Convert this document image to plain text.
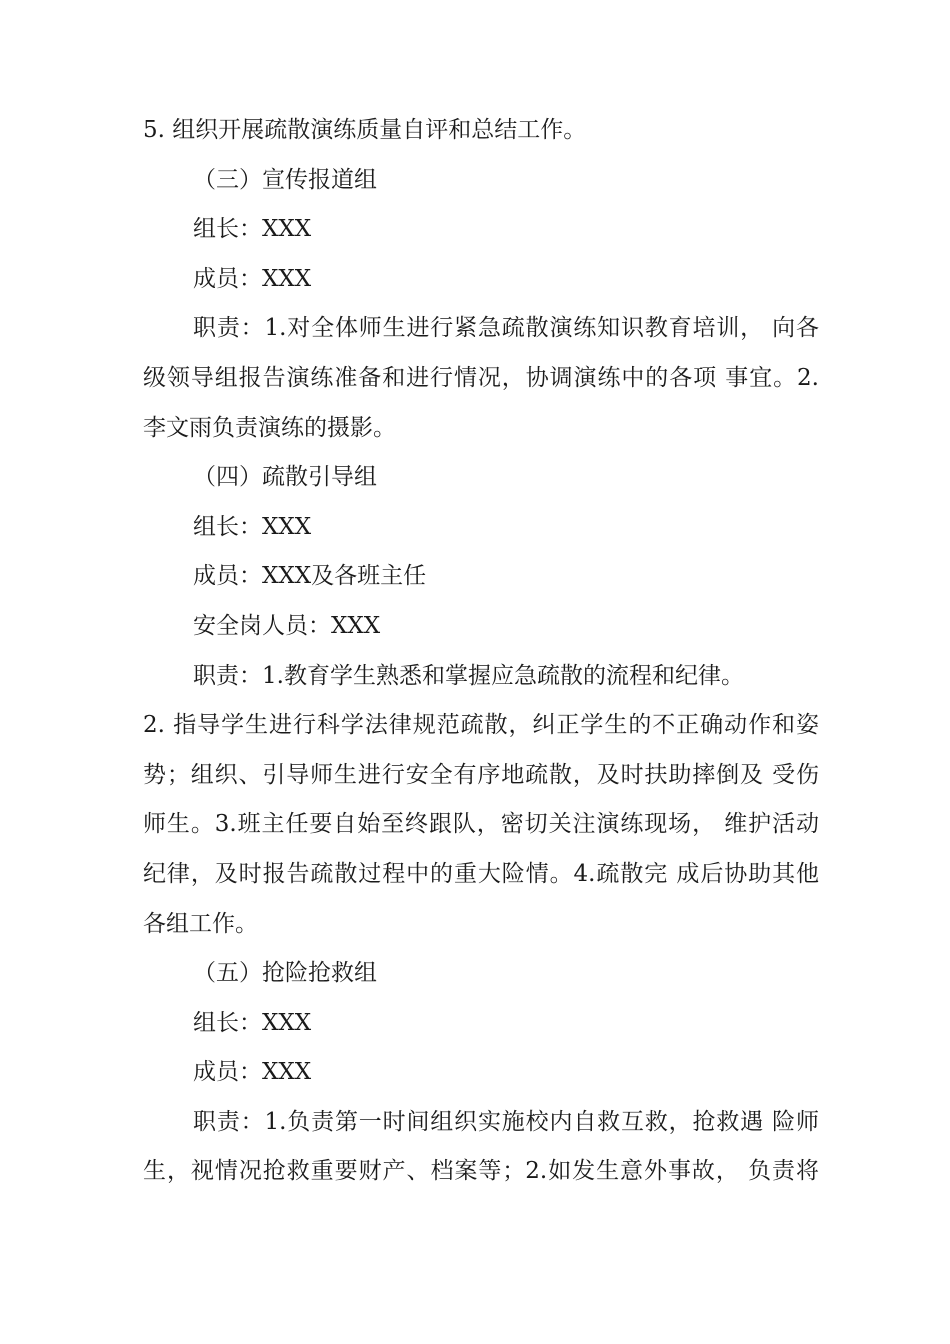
5. 组织开展疏散演练质量自评和总结工作。
（三）宣传报道组
组长：XXX
成员：XXX
职责：1.对全体师生进行紧急疏散演练知识教育培训， 向各
级领导组报告演练准备和进行情况，协调演练中的各项 事宜。2.
李文雨负责演练的摄影。
（四）疏散引导组
组长：XXX
成员：XXX及各班主任
安全岗人员：XXX
职责：1.教育学生熟悉和掌握应急疏散的流程和纪律。
2. 指导学生进行科学法律规范疏散，纠正学生的不正确动作和姿
势；组织、引导师生进行安全有序地疏散，及时扶助摔倒及 受伤
师生。3.班主任要自始至终跟队，密切关注演练现场， 维护活动
纪律，及时报告疏散过程中的重大险情。4.疏散完 成后协助其他
各组工作。
（五）抢险抢救组
组长：XXX
成员：XXX
职责：1.负责第一时间组织实施校内自救互救，抢救遇 险师
生，视情况抢救重要财产、档案等；2.如发生意外事故， 负责将
